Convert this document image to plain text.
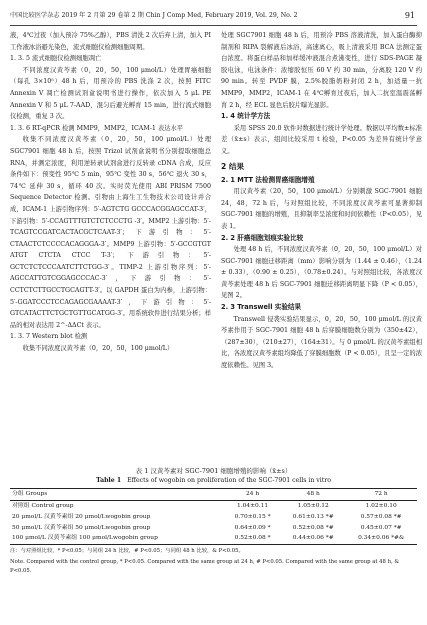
中国比较医学杂志 2019 年 2 月第 29 卷第 2 期 Chin J Comp Med, February 2019, Vol. 29, No. 2	91

液，4℃过夜（加入预冷 75%乙醇），PBS 清洗 2 次后弃上清，加入 PI 工作液冰浴避光染色，流式细胞仪检测细胞周期。

1. 3. 5 流式细胞仪检测细胞凋亡

不同浓度汉黄芩素（0，20，50，100 μmol/L）处理胃癌细胞（每孔 3×10⁵）48 h 后，用预冷的 PBS 洗涤 2 次，按照 FITC Annexin V 凋亡检测试剂盒说明书进行操作，依次加入 5 μL PE Annexin V 和 5 μL 7-AAD，混匀后避光孵育 15 min，进行流式细胞仪检测，重复 3 次。

1. 3. 6 RT-qPCR 检测 MMP9，MMP2，ICAM-1 表达水平

收集不同浓度汉黄芩素（0，20，50，100 μmol/L）处理 SGC7901 细胞 48 h 后，按照 Trizol 试剂盒说明书分别提取细胞总 RNA，并测定浓度，利用逆转录试剂盒进行反转录 cDNA 合成，反应条件如下：预变性 95℃ 5 min，95℃ 变性 30 s，56℃ 退火 30 s，74℃ 延伸 30 s，循环 40 次。实时荧光使用 ABI PRISM 7500 Sequence Detector 检测。引物由上海生工生物技术公司设计并合成，ICAM-1 上游引物序列：5′-AGTCTG GCCCACGGAGCCAT-3′，下游引物：5′-CCAGTTTGTCTCTCCCTG -3′。MMP2 上游引物：5′-TCAGTCCGATCACTACGCTCAAT-3′；下游引物：5′-CTAACTCTCCCCACAGGGA-3′。MMP9 上游引物：5′-GCCGTGT ATGT CTCTA CTCC T-3′；下游引物：5′-GCTCTCTCCCAATCTTCTGG-3′。TIMP-2 上游引物序列：5′-AGCCATTGTCGGAGCCCAC-3′，下游引物：5′-CCTCTCTTGCCTGCAGTT-3′。以 GAPDH 蛋白为内参，上游引物：5′-GGATCCCTCCAGAGCGAAAAT-3′，下游引物：5′-GTCATACTTCTGCTGTTGCATGG-3′。用系统软件进行结果分析；样品的相对表达用 2^-ΔΔCt 表示。

1. 3. 7 Western blot 检测

收集不同浓度汉黄芩素（0，20，50，100 μmol/L）

处理 SGC7901 细胞 48 h 后，用预冷 PBS 溶液清洗，加入蛋白酶抑制剂和 RIPA 裂解液后冰浴，高速离心，吸上清液采用 BCA 法测定蛋白浓度。将蛋白样品和加样缓冲液混合煮沸变性，进行 SDS-PAGE 凝胶电泳，电泳条件：浓缩胶恒压 60 V 约 30 min，分离胶 120 V 约 90 min。转至 PVDF 膜，2.5%脱脂奶粉封闭 2 h，加适量一抗 MMP9，MMP2，ICAM-1 在 4℃孵育过夜后，加入二抗室温震荡孵育 2 h，经 ECL 显色后胶片曝光显影。

1. 4 统计学方法

采用 SPSS 20.0 软件对数据进行统计学处理。数据以平均数±标准差（x̄±s）表示，组间比较采用 t 检验，P<0.05 为差异有统计学意义。

2 结果

2. 1 MTT 法检测胃癌细胞增殖

用汉黄芩素（20，50，100 μmol/L）分别刺激 SGC-7901 细胞 24，48，72 h 后，与对照组比较，不同浓度汉黄芩素可显著抑制 SGC-7901 细胞的增殖，且抑制率呈浓度和时间依赖性（P<0.05），见表 1。

2. 2 肝癌细胞划痕实验比较

处理 48 h 后，不同浓度汉黄芩素（0，20，50，100 μmol/L）对 SGC-7901 细胞迁移距离（mm）影响分别为（1.44 ± 0.46），（1.24 ± 0.33），（0.90 ± 0.25），（0.78±0.24）。与对照组比较，各浓度汉黄芩素处理 48 h 后 SGC-7901 细胞迁移距离明显下降（P < 0.05），见图 2。

2. 3 Transwell 实验结果

Transwell 侵袭实验结果显示，0，20，50，100 μmol/L 的汉黄芩素作用于 SGC-7901 细胞 48 h 后穿膜细胞数分别为（350±42），（287±30），（210±27），（164±31）。与 0 μmol/L 的汉黄芩素组相比，各浓度汉黄芩素组均降低了穿膜细胞数（P < 0.05），且呈一定的浓度依赖性。见图 3。

表 1 汉黄芩素对 SGC-7901 细胞增殖的影响（x̄±s）
Table 1 Effects of wogobin on proliferation of the SGC-7901 cells in vitro
分组 Groups	24 h	48 h	72 h
对照组 Control group	1.04±0.11	1.05±0.12	1.02±0.10
20 μmol/L 汉黄芩素组 20 μmol/Lwogobin group	0.70±0.15 *	0.61±0.13 *#	0.57±0.08 *#
50 μmol/L 汉黄芩素组 50 μmol/Lwogobin group	0.64±0.09 *	0.52±0.08 *#	0.45±0.07 *#
100 μmol/L 汉黄芩素组 100 μmol/Lwogobin group	0.52±0.08 *	0.44±0.06 *#	0.34±0.06 *#&
注：与对照组比较，* P<0.05；与同组 24 h 比较，# P<0.05；与同组 48 h 比较，& P<0.05。
Note. Compared with the control group, * P<0.05. Compared with the same group at 24 h, # P<0.05. Compared with the same group at 48 h, & P<0.05.
